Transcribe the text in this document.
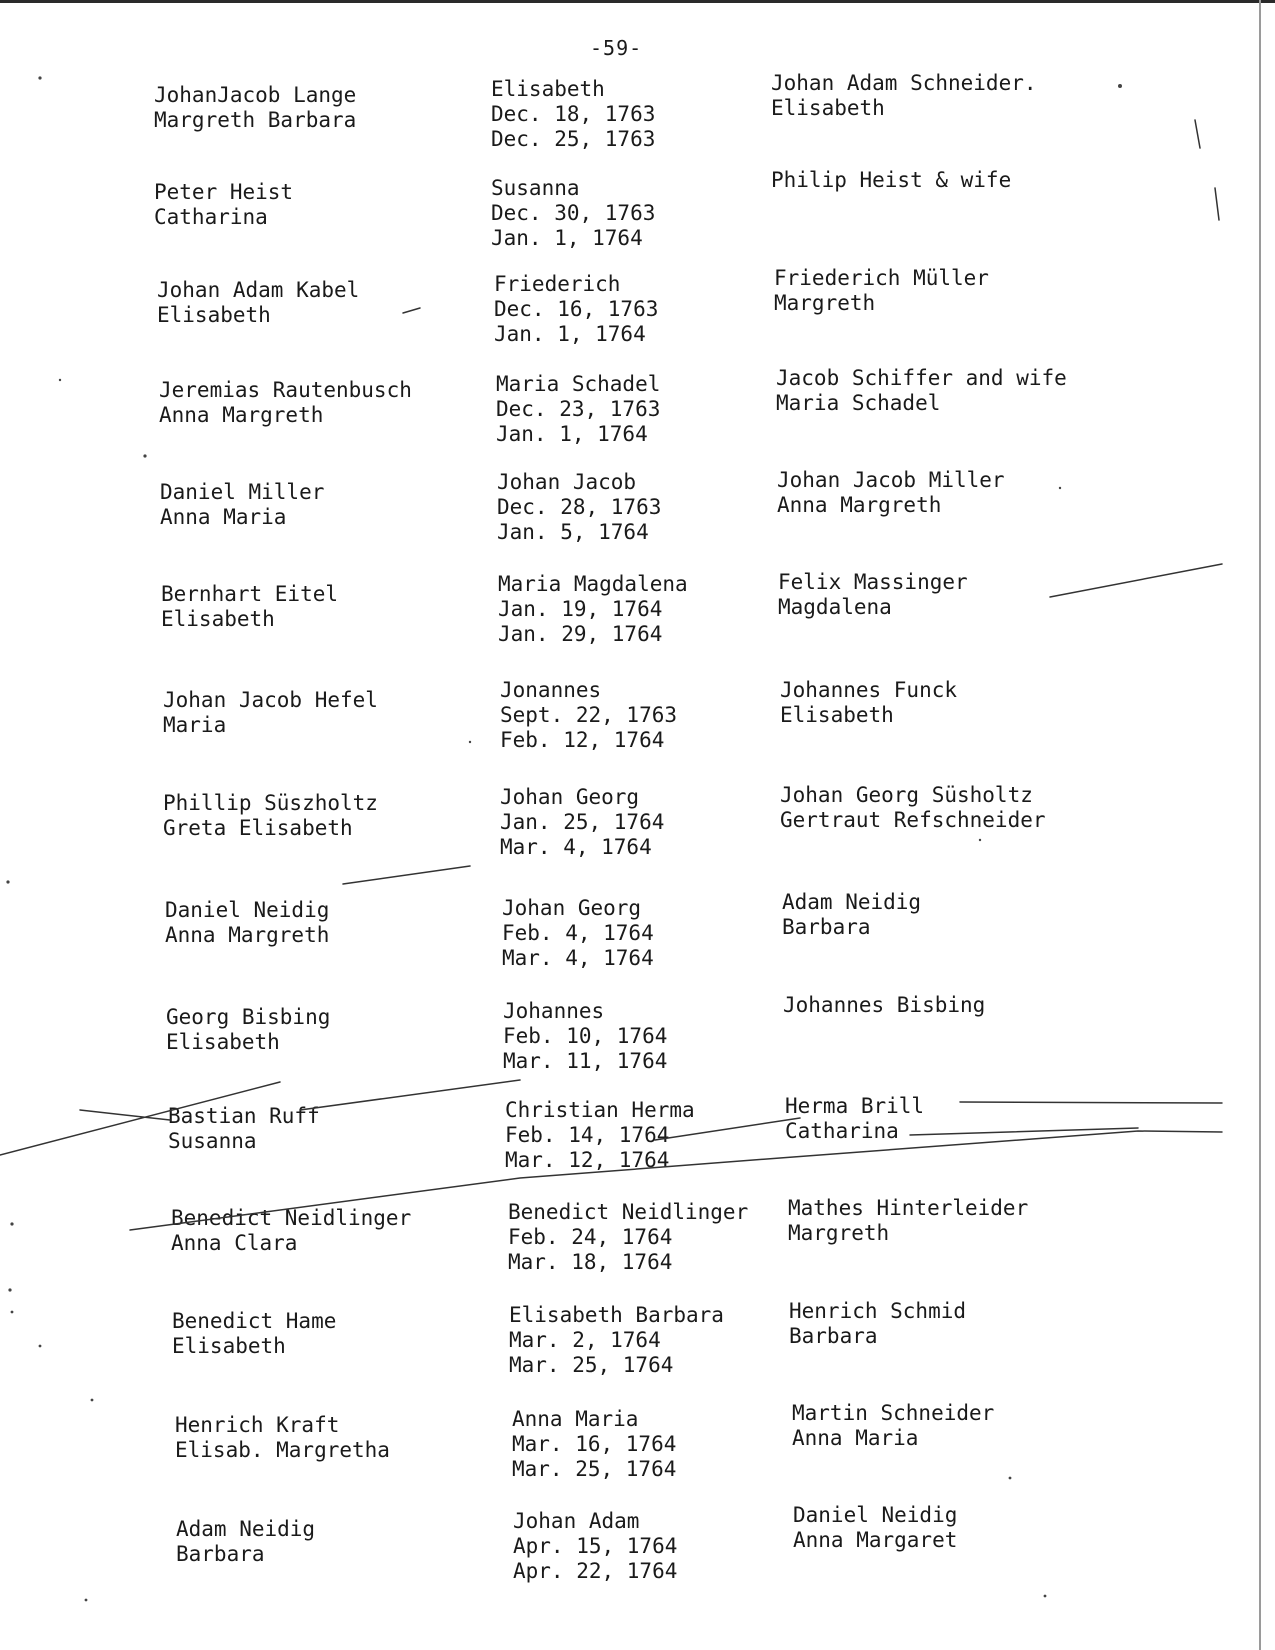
-59-
JohanJacob Lange
Margreth Barbara
Elisabeth
Dec. 18, 1763
Dec. 25, 1763
Johan Adam Schneider.
Elisabeth
Peter Heist
Catharina
Susanna
Dec. 30, 1763
Jan. 1, 1764
Philip Heist & wife
Johan Adam Kabel
Elisabeth
Friederich
Dec. 16, 1763
Jan. 1, 1764
Friederich Müller
Margreth
Jeremias Rautenbusch
Anna Margreth
Maria Schadel
Dec. 23, 1763
Jan. 1, 1764
Jacob Schiffer and wife
Maria Schadel
Daniel Miller
Anna Maria
Johan Jacob
Dec. 28, 1763
Jan. 5, 1764
Johan Jacob Miller
Anna Margreth
Bernhart Eitel
Elisabeth
Maria Magdalena
Jan. 19, 1764
Jan. 29, 1764
Felix Massinger
Magdalena
Johan Jacob Hefel
Maria
Jonannes
Sept. 22, 1763
Feb. 12, 1764
Johannes Funck
Elisabeth
Phillip Süszholtz
Greta Elisabeth
Johan Georg
Jan. 25, 1764
Mar. 4, 1764
Johan Georg Süsholtz
Gertraut Refschneider
Daniel Neidig
Anna Margreth
Johan Georg
Feb. 4, 1764
Mar. 4, 1764
Adam Neidig
Barbara
Georg Bisbing
Elisabeth
Johannes
Feb. 10, 1764
Mar. 11, 1764
Johannes Bisbing
Bastian Ruff
Susanna
Christian Herma
Feb. 14, 1764
Mar. 12, 1764
Herma Brill
Catharina
Benedict Neidlinger
Anna Clara
Benedict Neidlinger
Feb. 24, 1764
Mar. 18, 1764
Mathes Hinterleider
Margreth
Benedict Hame
Elisabeth
Elisabeth Barbara
Mar. 2, 1764
Mar. 25, 1764
Henrich Schmid
Barbara
Henrich Kraft
Elisab. Margretha
Anna Maria
Mar. 16, 1764
Mar. 25, 1764
Martin Schneider
Anna Maria
Adam Neidig
Barbara
Johan Adam
Apr. 15, 1764
Apr. 22, 1764
Daniel Neidig
Anna Margaret
